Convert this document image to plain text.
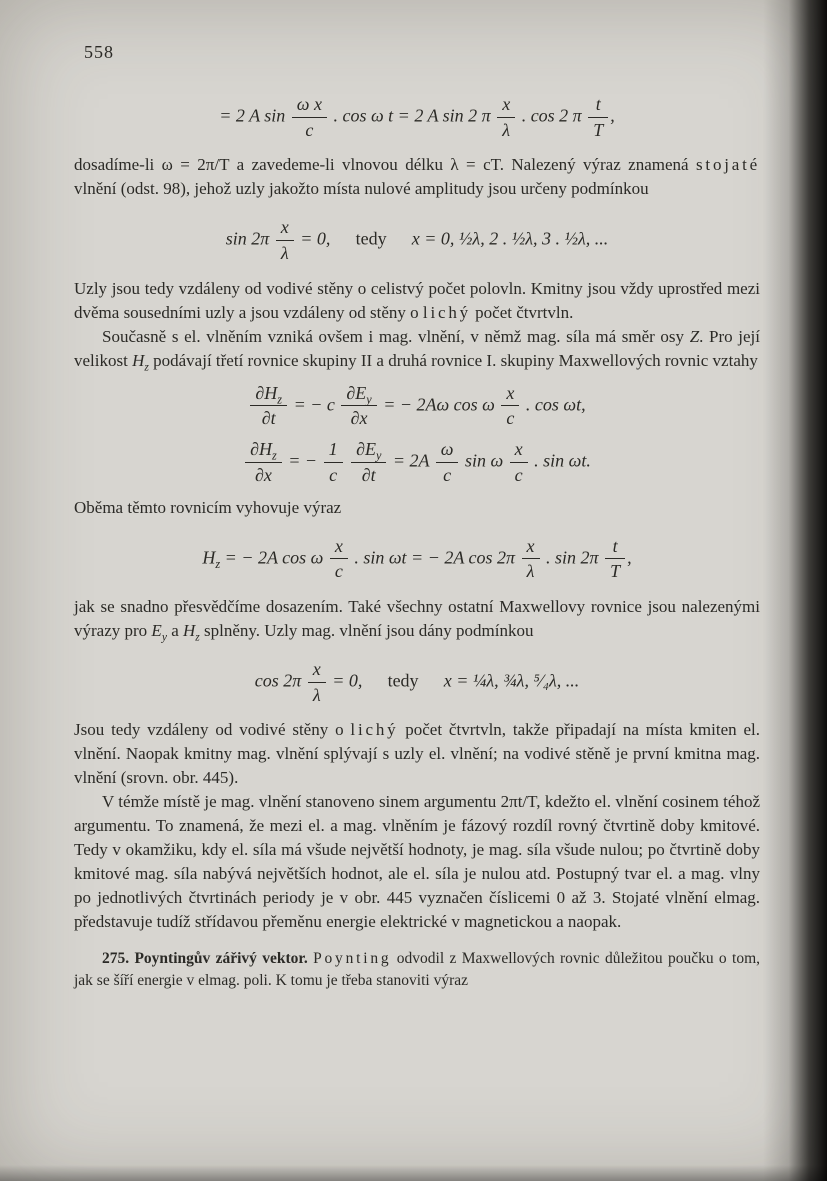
558
= 2 A $\sin \frac{\text{ω x}}{c}$ . cos ω t = 2 A sin 2 π $\frac{x}{\lambda}$ . cos 2 π $\frac{t}{T}$ ,

dosadíme-li ω = 2π/T a zavedeme-li vlnovou délku λ = cT. Nalezený výraz znamená stojaté vlnění (odst. 98), jehož uzly jakožto místa nulové amplitudy jsou určeny podmínkou

$\sin 2\pi \frac{x}{\lambda} = 0$, tedy x = 0, ½λ, 2 . ½λ, 3 . ½λ, ...

Uzly jsou tedy vzdáleny od vodivé stěny o celistvý počet polovln. Kmitny jsou vždy uprostřed mezi dvěma sousedními uzly a jsou vzdáleny od stěny o lichý počet čtvrtvln.

Současně s el. vlněním vzniká ovšem i mag. vlnění, v němž mag. síla má směr osy Z. Pro její velikost $H_z$ podávají třetí rovnice skupiny II a druhá rovnice I. skupiny Maxwellových rovnic vztahy

$\frac{\partial H_z}{\partial t}$ = − c $\frac{\partial E_y}{\partial x}$ = − 2Aω cos ω $\frac{x}{c}$ . cos ωt,
$\frac{\partial H_z}{\partial x}$ = − $\frac{1}{c}$
$\frac{\partial E_y}{\partial t} = 2A \frac{\omega}{c}$ sin ω $\frac{x}{c}$ . sin ωt.

Oběma těmto rovnicím vyhovuje výraz

$H_z$ = − 2A cos ω $\frac{x}{c}$ . sin ωt = − 2A $\cos 2\pi \frac{x}{\lambda}$ . $\sin 2\pi \frac{t}{T}$ ,

jak se snadno přesvědčíme dosazením. Také všechny ostatní Maxwellovy rovnice jsou nalezenými výrazy pro $E_y$ a $H_z$ splněny. Uzly mag. vlnění jsou dány podmínkou

$\cos 2\pi \frac{x}{\lambda} = 0$, tedy x = ¼λ, ¾λ, ⁵⁄₄λ, ...

Jsou tedy vzdáleny od vodivé stěny o lichý počet čtvrtvln, takže připadají na místa kmiten el. vlnění. Naopak kmitny mag. vlnění splývají s uzly el. vlnění; na vodivé stěně je první kmitna mag. vlnění (srovn. obr. 445).

V témže místě je mag. vlnění stanoveno sinem argumentu 2πt/T, kdežto el. vlnění cosinem téhož argumentu. To znamená, že mezi el. a mag. vlněním je fázový rozdíl rovný čtvrtině doby kmitové. Tedy v okamžiku, kdy el. síla má všude největší hodnoty, je mag. síla všude nulou; po čtvrtině doby kmitové mag. síla nabývá největších hodnot, ale el. síla je nulou atd. Postupný tvar el. a mag. vlny po jednotlivých čtvrtinách periody je v obr. 445 vyznačen číslicemi 0 až 3. Stojaté vlnění elmag. představuje tudíž střídavou přeměnu energie elektrické v magnetickou a naopak.

275. Poyntingův zářivý vektor. Poynting odvodil z Maxwellových rovnic důležitou poučku o tom, jak se šíří energie v elmag. poli. K tomu je třeba stanoviti výraz
